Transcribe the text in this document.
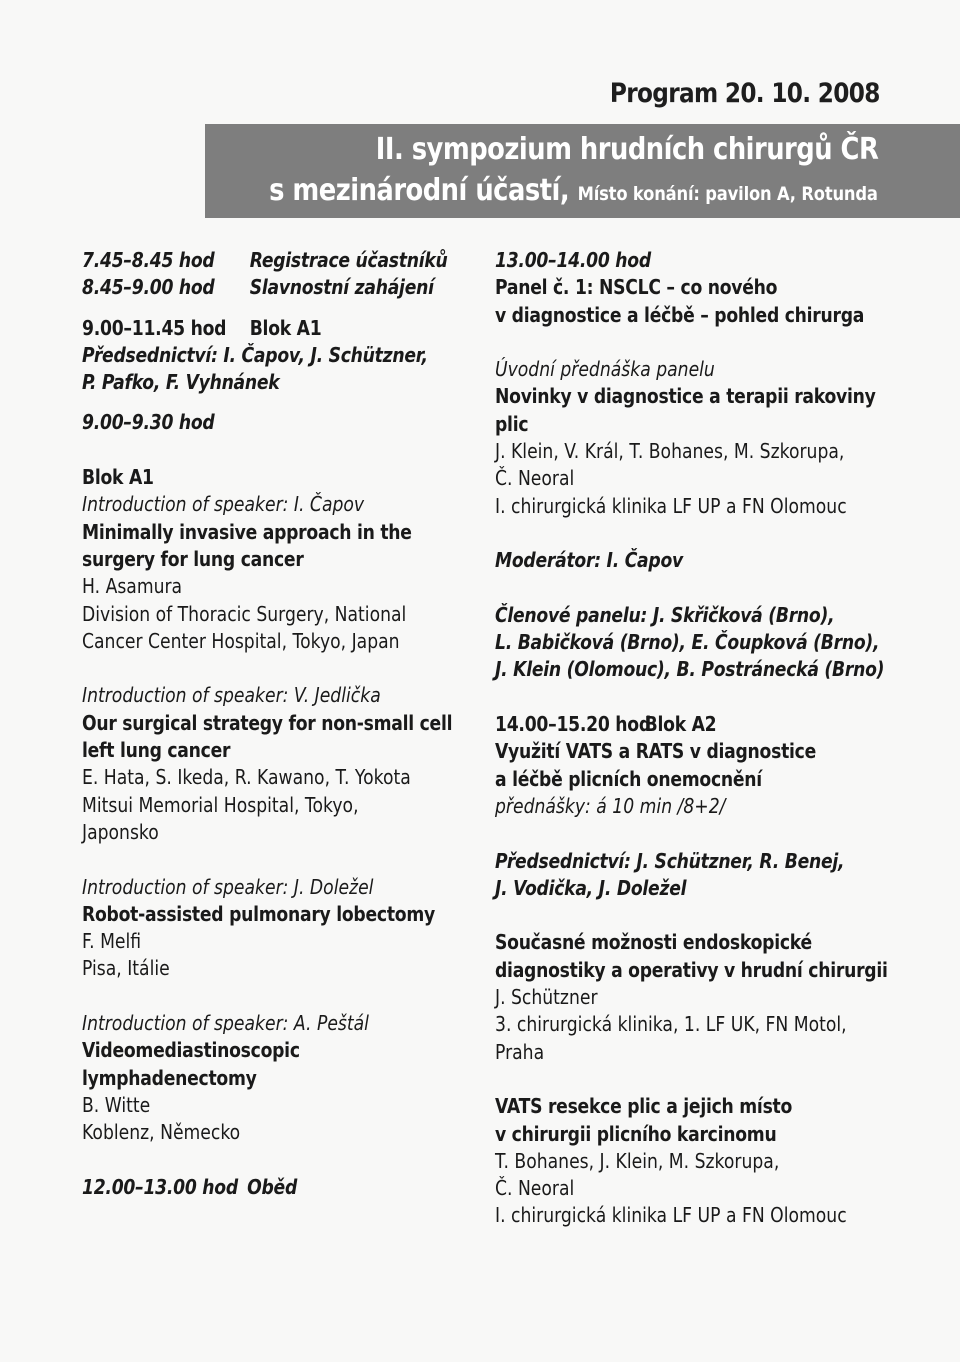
Program 20. 10. 2008
II. sympozium hrudních chirurgů ČR
s mezinárodní účastí, Místo konání: pavilon A, Rotunda
7.45–8.45 hod Registrace účastníků
8.45–9.00 hod Slavnostní zahájení
9.00–11.45 hod Blok A1
Předsednictví: I. Čapov, J. Schützner,
P. Pafko, F. Vyhnánek
9.00–9.30 hod
Blok A1
Introduction of speaker: I. Čapov
Minimally invasive approach in the
surgery for lung cancer
H. Asamura
Division of Thoracic Surgery, National
Cancer Center Hospital, Tokyo, Japan
Introduction of speaker: V. Jedlička
Our surgical strategy for non-small cell
left lung cancer
E. Hata, S. Ikeda, R. Kawano, T. Yokota
Mitsui Memorial Hospital, Tokyo,
Japonsko
Introduction of speaker: J. Doležel
Robot-assisted pulmonary lobectomy
F. Melfi
Pisa, Itálie
Introduction of speaker: A. Peštál
Videomediastinoscopic
lymphadenectomy
B. Witte
Koblenz, Německo
12.00–13.00 hod Oběd
13.00–14.00 hod
Panel č. 1: NSCLC – co nového
v diagnostice a léčbě – pohled chirurga
Úvodní přednáška panelu
Novinky v diagnostice a terapii rakoviny
plic
J. Klein, V. Král, T. Bohanes, M. Szkorupa,
Č. Neoral
I. chirurgická klinika LF UP a FN Olomouc
Moderátor: I. Čapov
Členové panelu: J. Skřičková (Brno),
L. Babičková (Brno), E. Čoupková (Brno),
J. Klein (Olomouc), B. Postránecká (Brno)
14.00–15.20 hodBlok A2
Využití VATS a RATS v diagnostice
a léčbě plicních onemocnění
přednášky: á 10 min /8+2/
Předsednictví: J. Schützner, R. Benej,
J. Vodička, J. Doležel
Současné možnosti endoskopické
diagnostiky a operativy v hrudní chirurgii
J. Schützner
3. chirurgická klinika, 1. LF UK, FN Motol,
Praha
VATS resekce plic a jejich místo
v chirurgii plicního karcinomu
T. Bohanes, J. Klein, M. Szkorupa,
Č. Neoral
I. chirurgická klinika LF UP a FN Olomouc
